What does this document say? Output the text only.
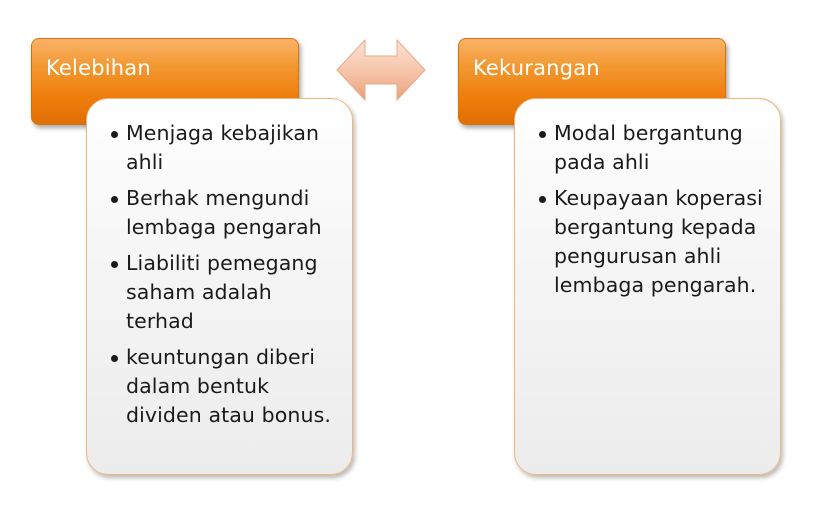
Kelebihan
Menjaga kebajikan ahli
Berhak mengundi lembaga pengarah
Liabiliti pemegang saham adalah terhad
keuntungan diberi dalam bentuk dividen atau bonus.
Kekurangan
Modal bergantung pada ahli
Keupayaan koperasi bergantung kepada pengurusan ahli lembaga pengarah.
